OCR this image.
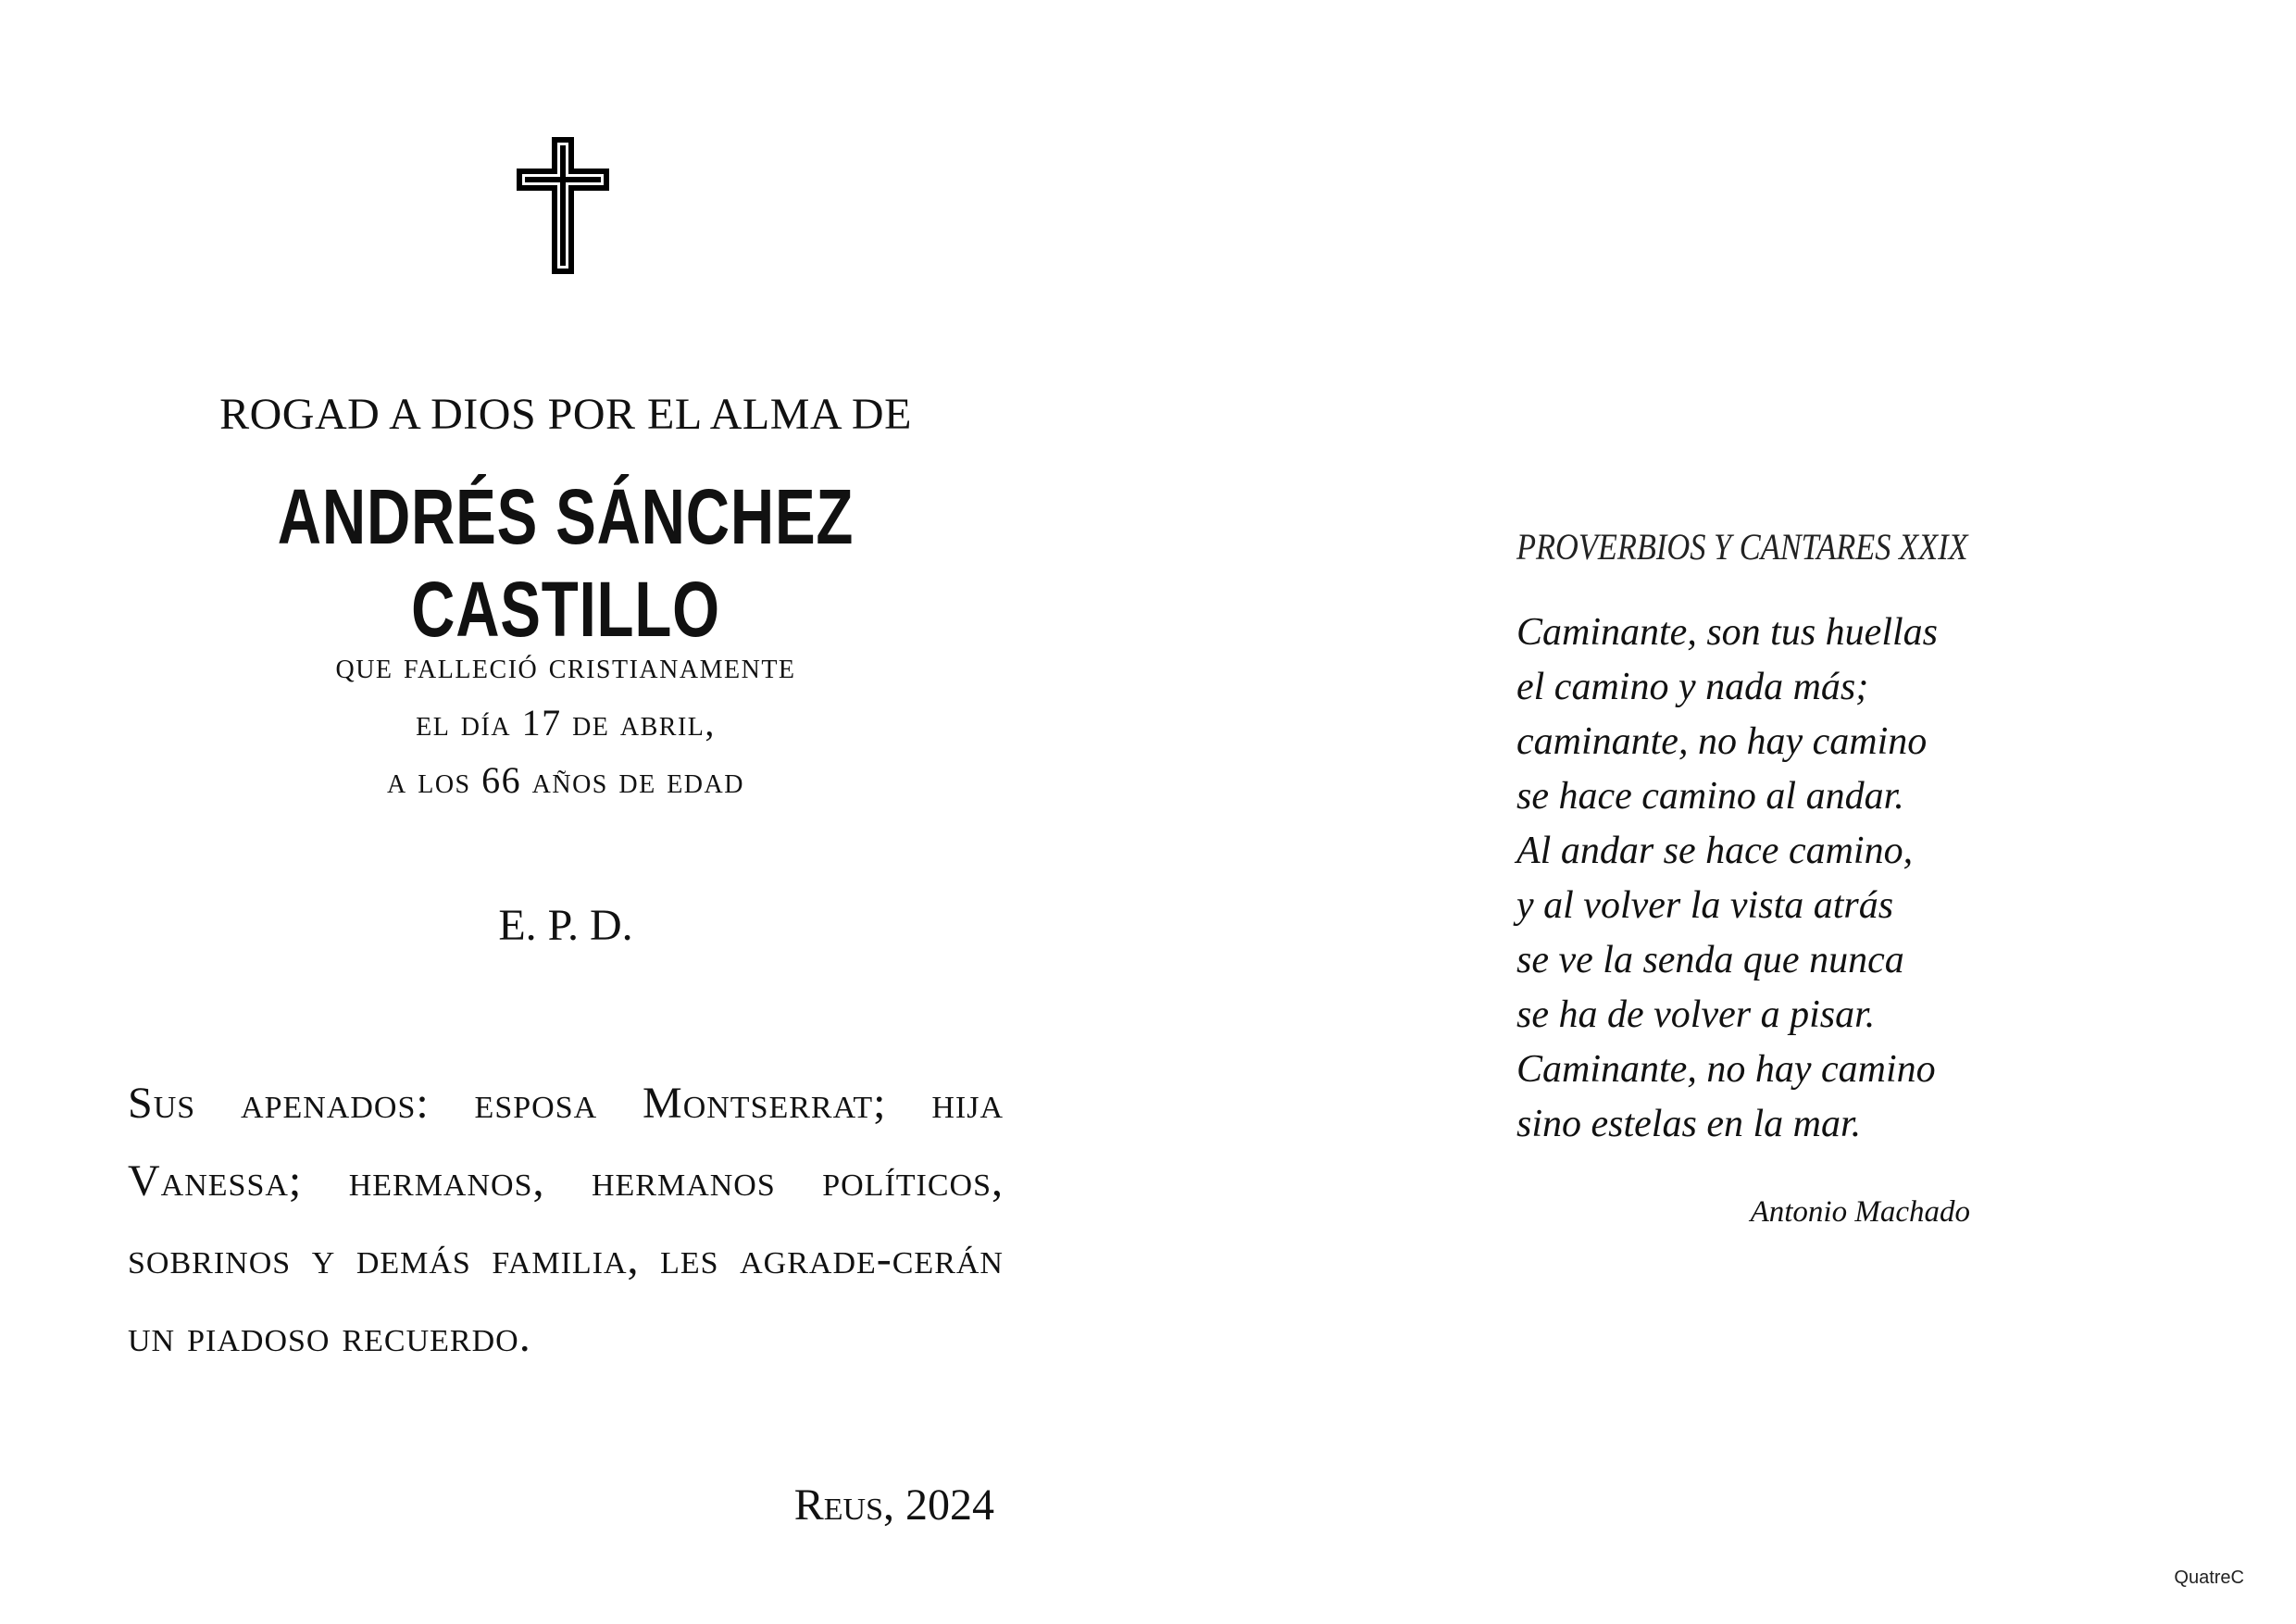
ROGAD A DIOS POR EL ALMA DE
ANDRÉS SÁNCHEZ CASTILLO
que falleció cristianamente
el día 17 de abril,
a los 66 años de edad
E. P. D.
Sus apenados: esposa Montserrat; hija Vanessa; hermanos, hermanos políticos, sobrinos y demás familia, les agrade-cerán un piadoso recuerdo.
Reus, 2024
PROVERBIOS Y CANTARES XXIX
Caminante, son tus huellas
el camino y nada más;
caminante, no hay camino
se hace camino al andar.
Al andar se hace camino,
y al volver la vista atrás
se ve la senda que nunca
se ha de volver a pisar.
Caminante, no hay camino
sino estelas en la mar.
Antonio Machado
QuatreC
